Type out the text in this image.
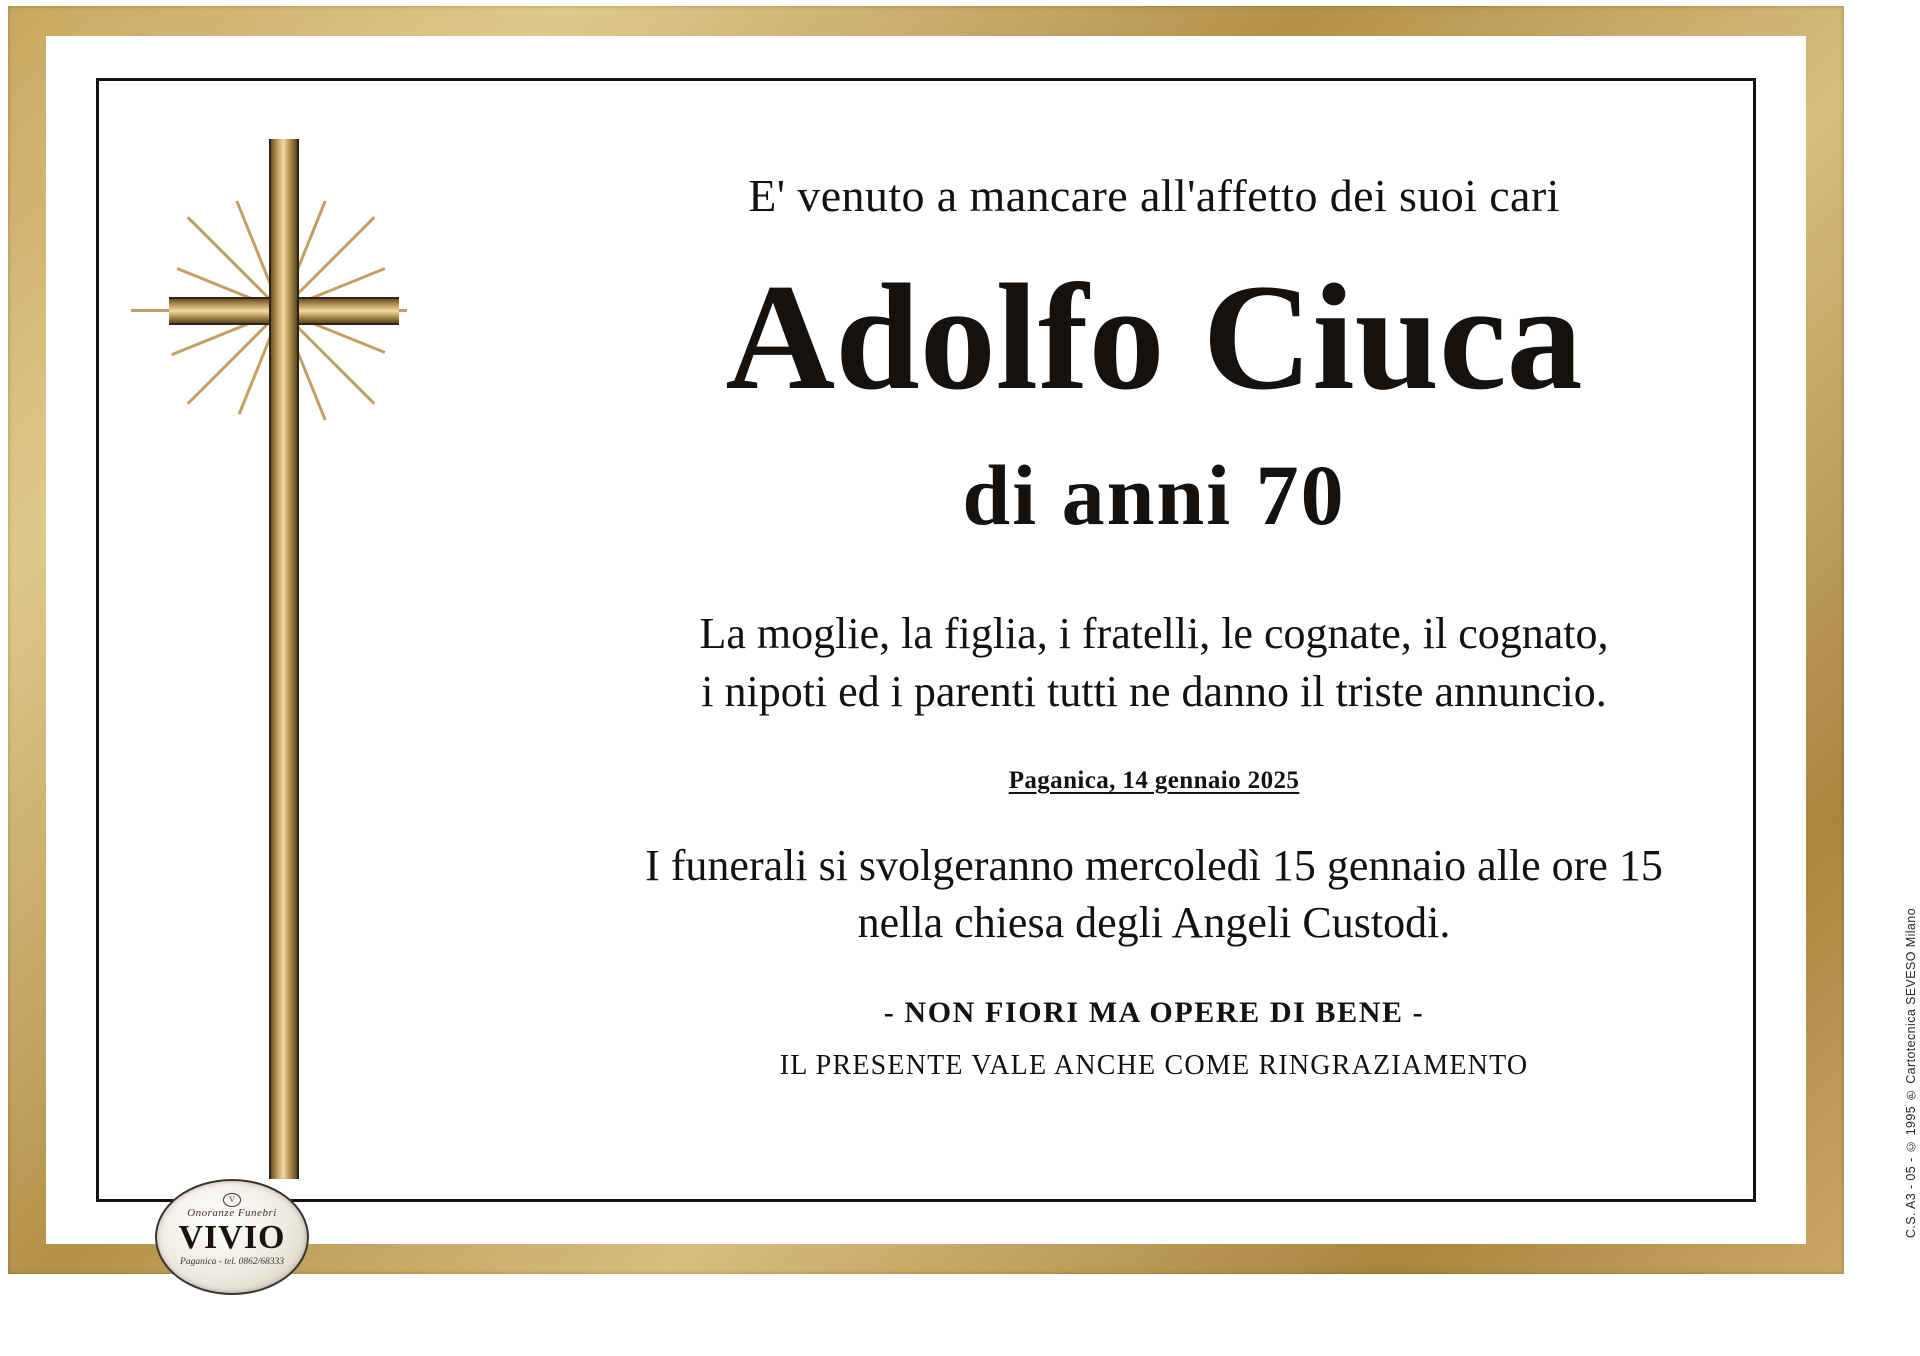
V
Onoranze Funebri
VIVIO
Paganica - tel. 0862/68333
E' venuto a mancare all'affetto dei suoi cari
Adolfo Ciuca
di anni 70
La moglie, la figlia, i fratelli, le cognate, il cognato,
i nipoti ed i parenti tutti ne danno il triste annuncio.
Paganica, 14 gennaio 2025
I funerali si svolgeranno mercoledì 15 gennaio alle ore 15
nella chiesa degli Angeli Custodi.
- NON FIORI MA OPERE DI BENE -
IL PRESENTE VALE ANCHE COME RINGRAZIAMENTO	C.S. A3 - 05 - © 1995 ℗ Cartotecnica SEVESO Milano
